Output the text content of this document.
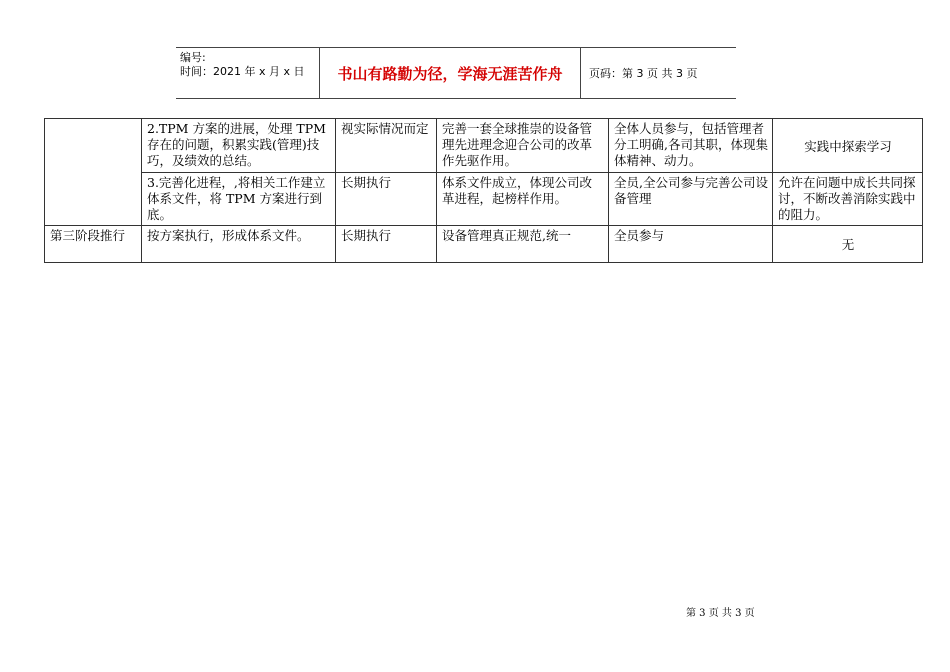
编号:
时间：2021 年 x 月 x 日	书山有路勤为径，学海无涯苦作舟	页码：第 3 页 共 3 页
	2.TPM 方案的进展，处理 TPM 存在的问题，积累实践(管理)技巧，及绩效的总结。	视实际情况而定	完善一套全球推崇的设备管理先进理念迎合公司的改革作先驱作用。	全体人员参与，包括管理者分工明确,各司其职，体现集体精神、动力。	实践中探索学习
	3.完善化进程，,将相关工作建立体系文件，将 TPM 方案进行到底。	长期执行	体系文件成立，体现公司改革进程，起榜样作用。	全员,全公司参与完善公司设备管理	允许在问题中成长共同探讨，不断改善消除实践中的阻力。
第三阶段推行	按方案执行，形成体系文件。	长期执行	设备管理真正规范,统一	全员参与	无
第 3 页 共 3 页
